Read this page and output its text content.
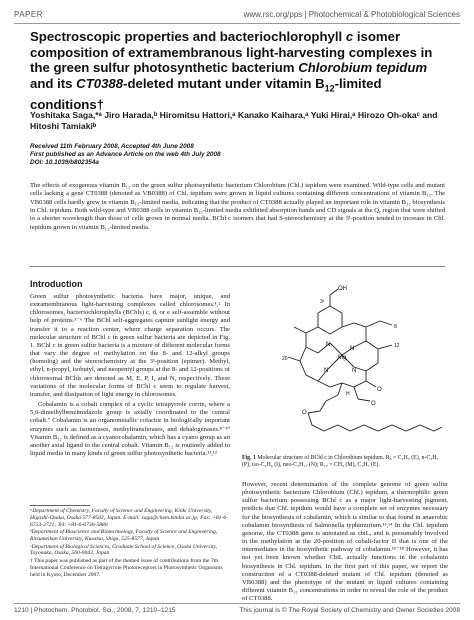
PAPER	www.rsc.org/pps | Photochemical & Photobiological Sciences
Spectroscopic properties and bacteriochlorophyll c isomer composition of extramembranous light-harvesting complexes in the green sulfur photosynthetic bacterium Chlorobium tepidum and its CT0388-deleted mutant under vitamin $B_{12}$-limited conditions†
Yoshitaka Saga,*ᵃ Jiro Harada,ᵇ Hiromitsu Hattori,ᵃ Kanako Kaihara,ᵃ Yuki Hirai,ᵃ Hirozo Oh-okaᶜ and
Hitoshi Tamiakiᵇ
Received 11th February 2008, Accepted 4th June 2008
First published as an Advance Article on the web 4th July 2008
DOI: 10.1039/b802354a
The effects of exogenous vitamin B₁₂ on the green sulfur photosynthetic bacterium Chlorobium (Chl.) tepidum were examined. Wild-type cells and mutant cells lacking a gene CT0388 (denoted as VB0388) of Chl. tepidum were grown in liquid cultures containing different concentrations of vitamin B₁₂. The VB0388 cells hardly grew in vitamin B₁₂-limited media, indicating that the product of CT0388 actually played an important role in vitamin B₁₂ biosynthesis in Chl. tepidum. Both wild-type and VB0388 cells in vitamin B₁₂-limited media exhibited absorption bands and CD signals at the Qᵧ region that were shifted to a shorter wavelength than those of cells grown in normal media. BChl c isomers that had S-stereochemistry at the 3¹-position tended to increase in Chl. tepidum grown in vitamin B₁₂-limited media.
Introduction

Green sulfur photosynthetic bacteria have major, unique, and extramembranous light-harvesting complexes called chlorosomes.¹,² In chlorosomes, bacteriochlorophylls (BChls) c, d, or e self-assemble without help of proteins.³⁻⁶ The BChl self-aggregates capture sunlight energy and transfer it to a reaction center, where charge separation occurs. The molecular structure of BChl c in green sulfur bacteria are depicted in Fig. 1. BChl c in green sulfur bacteria is a mixture of different molecular forms that vary the degree of methylation on the 8- and 12-alkyl groups (homolog) and the stereochemistry at the 3¹-position (epimer). Methyl, ethyl, n-propyl, isobutyl, and neopentyl groups at the 8- and 12-positions of chlorosomal BChls are denoted as M, E, P, I, and N, respectively. These variations of the molecular forms of BChl c seem to regulate harvest, transfer, and dissipation of light energy in chlorosomes.

Cobalamin is a cobalt complex of a cyclic tetrapyrrole corrin, where a 5,6-dimethylbenzimidazole group is axially coordinated to the central cobalt.⁷ Cobalamin is an organometallic cofactor in biologically important enzymes such as isomerases, methyltransferases, and dehalogenases.⁸⁻¹⁰ Vitamin B₁₂ is defined as a cyanocobalamin, which has a cyano group as an another axial ligand to the central cobalt. Vitamin B₁₂ is routinely added to liquid media in many kinds of green sulfur photosynthetic bacteria.¹¹,¹²

ᵃDepartment of Chemistry, Faculty of Science and Engineering, Kinki University, Higashi-Osaka, Osaka 577-8502, Japan. E-mail: saga@chem.kindai.ac.jp; Fax: +81-6-6723-2721; Tel: +81-6-6730-5880
ᵇDepartment of Bioscience and Biotechnology, Faculty of Science and Engineering, Ritsumeikan University, Kusatsu, Shiga, 525-8577, Japan
ᶜDepartment of Biological Sciences, Graduate School of Science, Osaka University, Toyonaka, Osaka, 560-0043, Japan
† This paper was published as part of the themed issue of contributions from the 7th International Conference on Tetrapyrrole Photoreceptors in Photosynthetic Organisms held in Kyoto, December 2007.
OH
N
N
Mg
N	N
O
O
O
3¹
8
12
20
H
Fig. 1 Molecular structure of BChl c in Chlorobium tepidum. R₈ = C₂H₅ (E), n-C₃H₇ (P), iso-C₄H₉ (I), neo-C₅H₁₁ (N); R₁₂ = CH₃ (M), C₂H₅ (E).
However, recent determination of the complete genome of green sulfur photosynthetic bacterium Chlorobium (Chl.) tepidum, a thermophilic green sulfur bacterium possessing BChl c as a major light-harvesting pigment, predicts that Chl. tepidum would have a complete set of enzymes necessary for the biosynthesis of cobalamin, which is similar to that found in anaerobic cobalamin biosynthesis of Salmonella typhimurium.¹³,¹⁴ In the Chl. tepidum genome, the CT0388 gene is annotated as cbiL, and is presumably involved in the methylation at the 20-position of cobalt-factor II that is one of the intermediates in the biosynthetic pathway of cobalamin.¹⁵⁻¹⁸ However, it has not yet been known whether CbiL actually functions in the cobalamin biosynthesis in Chl. tepidum. In the first part of this paper, we report the construction of a CT0388-deleted mutant of Chl. tepidum (denoted as VB0388) and the phenotype of the mutant in liquid cultures containing different vitamin B₁₂ concentrations in order to reveal the role of the product of CT0388.
1210 | Photochem. Photobiol. Sci., 2008, 7, 1210–1215	This journal is © The Royal Society of Chemistry and Owner Societies 2008
